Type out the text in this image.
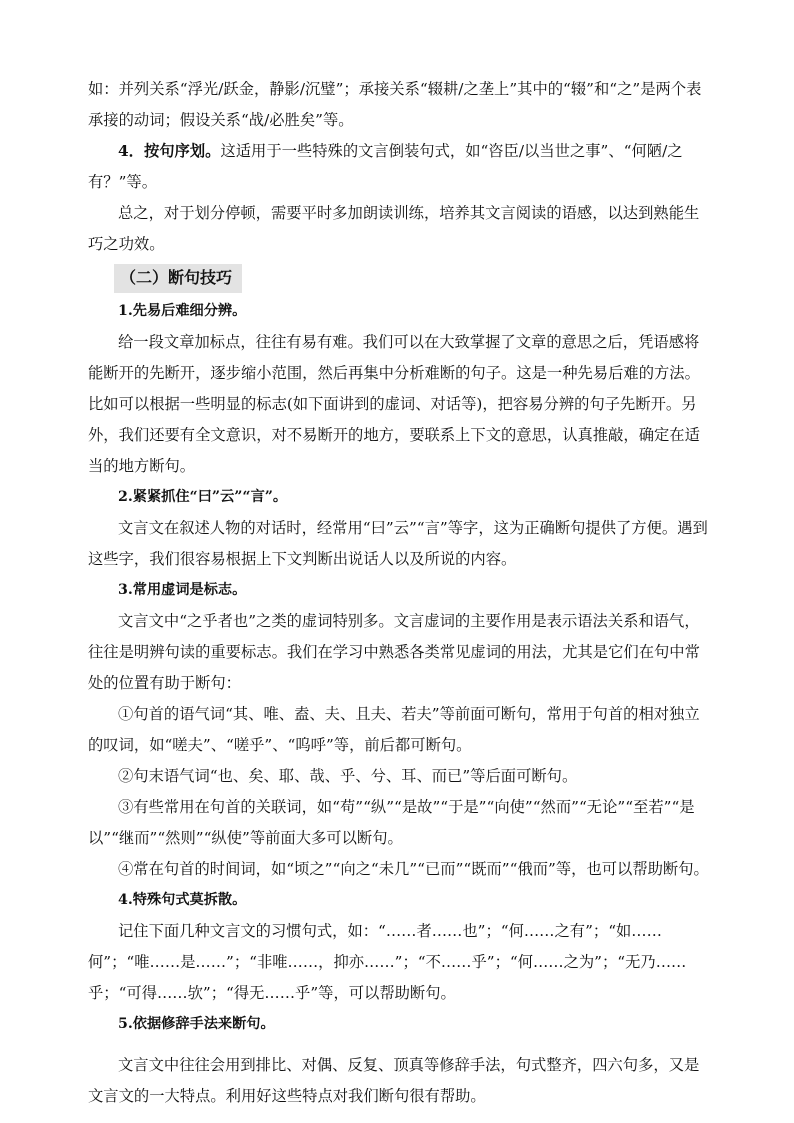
如：并列关系“浮光/跃金，静影/沉璧”；承接关系“辍耕/之垄上”其中的“辍”和“之”是两个表

承接的动词；假设关系“战/必胜矣”等。

4．按句序划。这适用于一些特殊的文言倒装句式，如“咨臣/以当世之事”、“何陋/之有？”等。

总之，对于划分停顿，需要平时多加朗读训练，培养其文言阅读的语感，以达到熟能生巧之功效。

（二）断句技巧

1.先易后难细分辨。

给一段文章加标点，往往有易有难。我们可以在大致掌握了文章的意思之后，凭语感将能断开的先断开，逐步缩小范围，然后再集中分析难断的句子。这是一种先易后难的方法。比如可以根据一些明显的标志(如下面讲到的虚词、对话等)，把容易分辨的句子先断开。另外，我们还要有全文意识，对不易断开的地方，要联系上下文的意思，认真推敲，确定在适当的地方断句。

2.紧紧抓住“曰”云”“言”。

文言文在叙述人物的对话时，经常用“曰”云”“言”等字，这为正确断句提供了方便。遇到这些字，我们很容易根据上下文判断出说话人以及所说的内容。

3.常用虚词是标志。

文言文中“之乎者也”之类的虚词特别多。文言虚词的主要作用是表示语法关系和语气，往往是明辨句读的重要标志。我们在学习中熟悉各类常见虚词的用法，尤其是它们在句中常处的位置有助于断句：

①句首的语气词“其、唯、盍、夫、且夫、若夫”等前面可断句，常用于句首的相对独立的叹词，如“嗟夫”、“嗟乎”、“呜呼”等，前后都可断句。

②句末语气词“也、矣、耶、哉、乎、兮、耳、而已”等后面可断句。

③有些常用在句首的关联词，如“苟”“纵”“是故”“于是”“向使”“然而”“无论”“至若”“是以”“继而”“然则”“纵使”等前面大多可以断句。

④常在句首的时间词，如“顷之”“向之“未几”“已而”“既而”“俄而”等，也可以帮助断句。

4.特殊句式莫拆散。

记住下面几种文言文的习惯句式，如：“……者……也”；“何……之有”；“如……何”；“唯……是……”；“非唯……，抑亦……”；“不……乎”；“何……之为”；“无乃……乎；“可得……欤”；“得无……乎”等，可以帮助断句。

5.依据修辞手法来断句。

文言文中往往会用到排比、对偶、反复、顶真等修辞手法，句式整齐，四六句多，又是文言文的一大特点。利用好这些特点对我们断句很有帮助。
